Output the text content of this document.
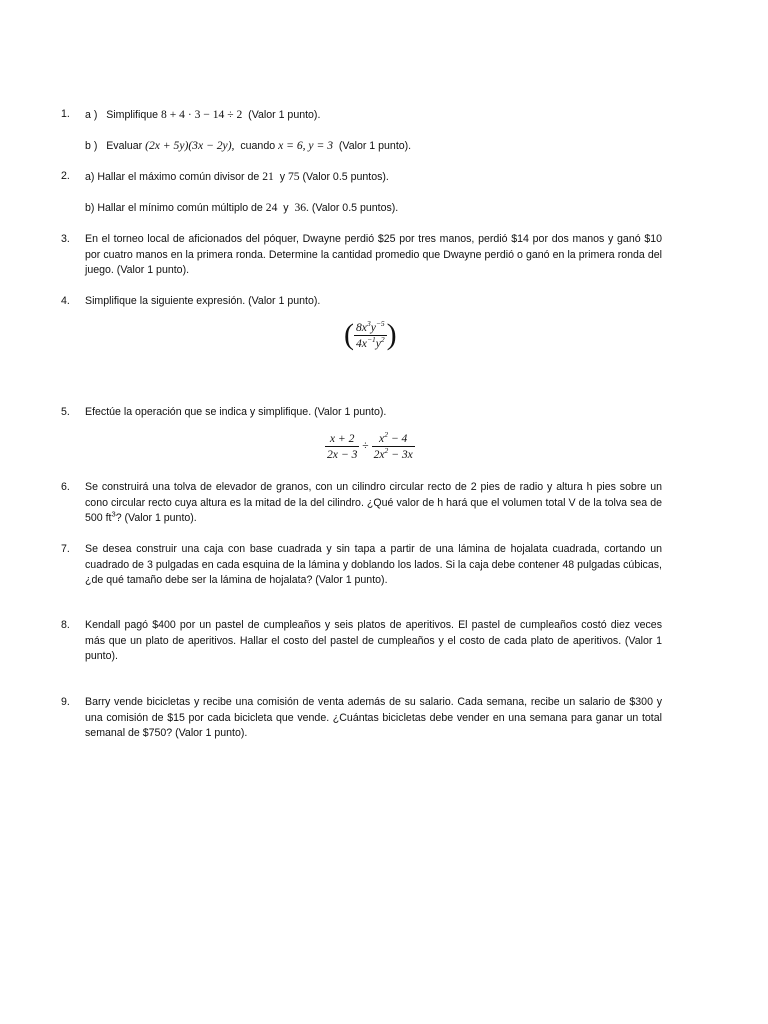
1. a ) Simplifique 8 + 4 · 3 − 14 ÷ 2 (Valor 1 punto).
b ) Evaluar (2x + 5y)(3x − 2y), cuando x = 6, y = 3 (Valor 1 punto).
2. a) Hallar el máximo común divisor de 21 y 75 (Valor 0.5 puntos).
b) Hallar el mínimo común múltiplo de 24 y 36. (Valor 0.5 puntos).
3. En el torneo local de aficionados del póquer, Dwayne perdió $25 por tres manos, perdió $14 por dos manos y ganó $10 por cuatro manos en la primera ronda. Determine la cantidad promedio que Dwayne perdió o ganó en la primera ronda del juego. (Valor 1 punto).
4. Simplifique la siguiente expresión. (Valor 1 punto).
( $\frac{8x^3y^{-5}}{4x^{-1}y^2}$ )
5. Efectúe la operación que se indica y simplifique. (Valor 1 punto).
$\frac{x + 2}{2x - 3} \div \frac{x^2 - 4}{2x^2 - 3x}$
6. Se construirá una tolva de elevador de granos, con un cilindro circular recto de 2 pies de radio y altura h pies sobre un cono circular recto cuya altura es la mitad de la del cilindro. ¿Qué valor de h hará que el volumen total V de la tolva sea de 500 $ft^3$? (Valor 1 punto).
7. Se desea construir una caja con base cuadrada y sin tapa a partir de una lámina de hojalata cuadrada, cortando un cuadrado de 3 pulgadas en cada esquina de la lámina y doblando los lados. Si la caja debe contener 48 pulgadas cúbicas, ¿de qué tamaño debe ser la lámina de hojalata? (Valor 1 punto).
8. Kendall pagó $400 por un pastel de cumpleaños y seis platos de aperitivos. El pastel de cumpleaños costó diez veces más que un plato de aperitivos. Hallar el costo del pastel de cumpleaños y el costo de cada plato de aperitivos. (Valor 1 punto).
9. Barry vende bicicletas y recibe una comisión de venta además de su salario. Cada semana, recibe un salario de $300 y una comisión de $15 por cada bicicleta que vende. ¿Cuántas bicicletas debe vender en una semana para ganar un total semanal de $750? (Valor 1 punto).
